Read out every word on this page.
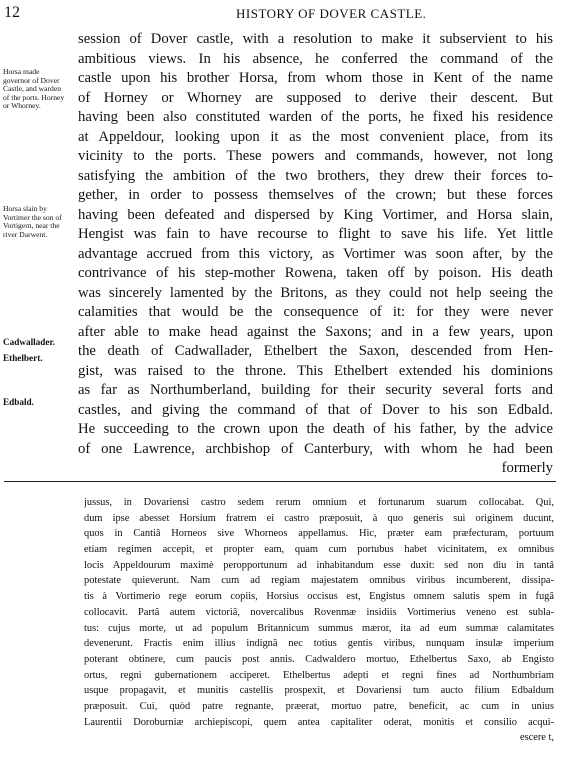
12	HISTORY OF DOVER CASTLE.
Horsa made governor of Dover Castle, and warden of the ports. Horney or Whorney.
Horsa slain by Vortimer the son of Vortigern, near the river Darwent.
Cadwallader.
Ethelbert.
Edbald.
session of Dover castle, with a resolution to make it subservient to his
ambitious views. In his absence, he conferred the command of the
castle upon his brother Horsa, from whom those in Kent of the name
of Horney or Whorney are supposed to derive their descent. But
having been also constituted warden of the ports, he fixed his residence
at Appeldour, looking upon it as the most convenient place, from its
vicinity to the ports. These powers and commands, however, not long
satisfying the ambition of the two brothers, they drew their forces to-
gether, in order to possess themselves of the crown; but these forces
having been defeated and dispersed by King Vortimer, and Horsa slain,
Hengist was fain to have recourse to flight to save his life. Yet little
advantage accrued from this victory, as Vortimer was soon after, by the
contrivance of his step-mother Rowena, taken off by poison. His death
was sincerely lamented by the Britons, as they could not help seeing the
calamities that would be the consequence of it: for they were never
after able to make head against the Saxons; and in a few years, upon
the death of Cadwallader, Ethelbert the Saxon, descended from Hen-
gist, was raised to the throne. This Ethelbert extended his dominions
as far as Northumberland, building for their security several forts and
castles, and giving the command of that of Dover to his son Edbald.
He succeeding to the crown upon the death of his father, by the advice
of one Lawrence, archbishop of Canterbury, with whom he had been
formerly
jussus, in Dovariensi castro sedem rerum omnium et fortunarum suarum collocabat. Qui,
dum ipse abesset Horsium fratrem ei castro præposuit, à quo generis sui originem ducunt,
quos in Cantiâ Horneos sive Whorneos appellamus. Hic, præter eam præfecturam, portuum
etiam regimen accepit, et propter eam, quam cum portubus habet vicinitatem, ex omnibus
locis Appeldourum maximè peropportunum ad inhabitandum esse duxit: sed non diu in tantâ
potestate quieverunt. Nam cum ad regiam majestatem omnibus viribus incumberent, dissipa-
tis à Vortimerio rege eorum copiis, Horsius occisus est, Engistus omnem salutis spem in fugâ
collocavit. Partâ autem victoriâ, novercalibus Rovenmæ insidiis Vortimerius veneno est subla-
tus: cujus morte, ut ad populum Britannicum summus mæror, ita ad eum summæ calamitates
devenerunt. Fractis enim illius indignâ nec totius gentis viribus, nunquam insulæ imperium
poterant obtinere, cum paucis post annis. Cadwaldero mortuo, Ethelbertus Saxo, ab Engisto
ortus, regni gubernationem acciperet. Ethelbertus adepti et regni fines ad Northumbriam
usque propagavit, et munitis castellis prospexit, et Dovariensi tum aucto filium Edbaldum
præposuit. Cui, quòd patre regnante, præerat, mortuo patre, beneficit, ac cum in unius
Laurentii Doroburniæ archiepiscopi, quem antea capitaliter oderat, monitis et consilio acqui-
escere t,
